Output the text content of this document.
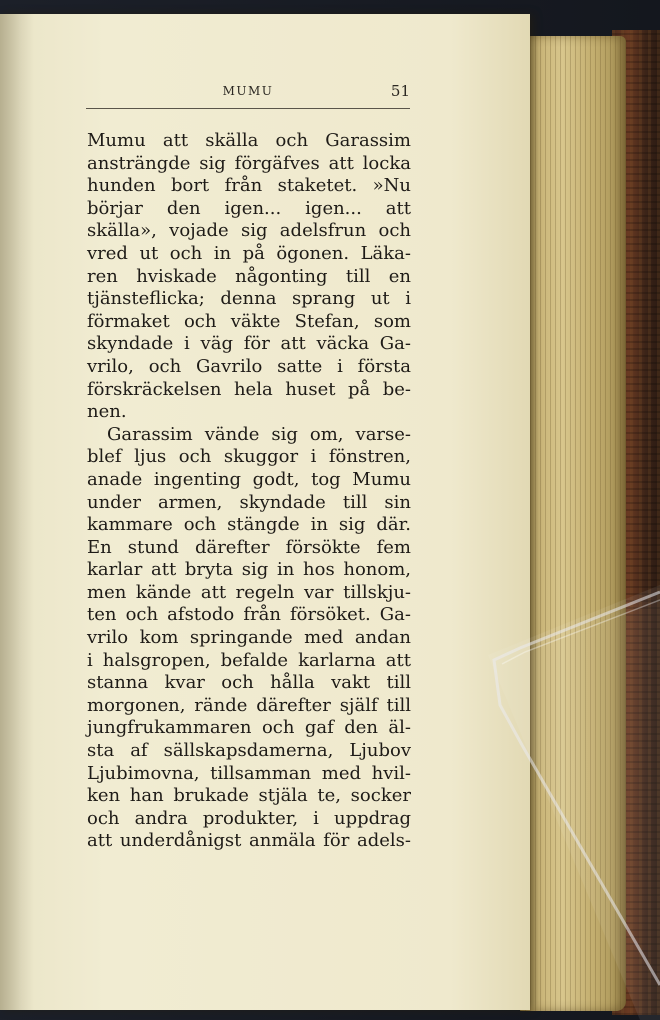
MUMU	51
Mumu att skälla och Garassim
ansträngde sig förgäfves att locka
hunden bort från staketet. »Nu
börjar den igen... igen... att
skälla», vojade sig adelsfrun och
vred ut och in på ögonen. Läka-
ren hviskade någonting till en
tjänsteflicka; denna sprang ut i
förmaket och väkte Stefan, som
skyndade i väg för att väcka Ga-
vrilo, och Gavrilo satte i första
förskräckelsen hela huset på be-
nen.
Garassim vände sig om, varse-
blef ljus och skuggor i fönstren,
anade ingenting godt, tog Mumu
under armen, skyndade till sin
kammare och stängde in sig där.
En stund därefter försökte fem
karlar att bryta sig in hos honom,
men kände att regeln var tillskju-
ten och afstodo från försöket. Ga-
vrilo kom springande med andan
i halsgropen, befalde karlarna att
stanna kvar och hålla vakt till
morgonen, rände därefter själf till
jungfrukammaren och gaf den äl-
sta af sällskapsdamerna, Ljubov
Ljubimovna, tillsamman med hvil-
ken han brukade stjäla te, socker
och andra produkter, i uppdrag
att underdånigst anmäla för adels-
